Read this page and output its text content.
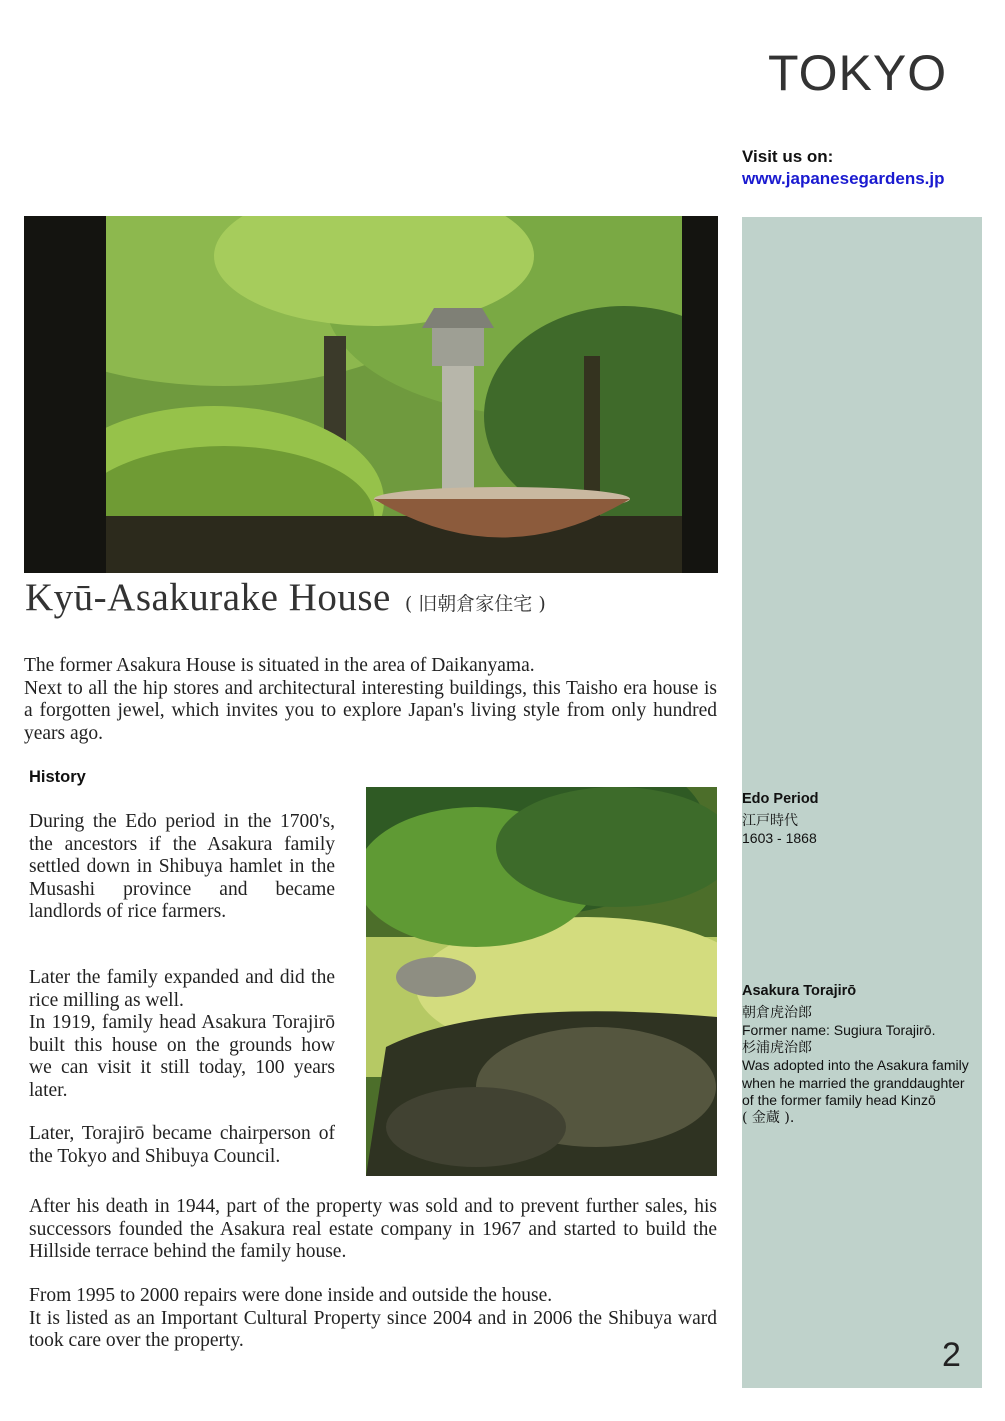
TOKYO
Visit us on:
www.japanesegardens.jp
Kyū-Asakurake House ( 旧朝倉家住宅 )
The former Asakura House is situated in the area of Daikanyama.
Next to all the hip stores and architectural interesting buildings, this Taisho era house is a forgotten jewel, which invites you to explore Japan's living style from only hundred years ago.
History
During the Edo period in the 1700's, the ancestors if the Asakura family settled down in Shibuya hamlet in the Musashi province and became landlords of rice farmers.
Later the family expanded and did the rice milling as well.
In 1919, family head Asakura Torajirō built this house on the grounds how we can visit it still today, 100 years later.
Later, Torajirō became chairperson of the Tokyo and Shibuya Council.
After his death in 1944, part of the property was sold and to prevent further sales, his successors founded the Asakura real estate company in 1967 and started to build the Hillside terrace behind the family house.
From 1995 to 2000 repairs were done inside and outside the house.
It is listed as an Important Cultural Property since 2004 and in 2006 the Shibuya ward took care over the property.
Edo Period
江戸時代
1603 - 1868
Asakura Torajirō
朝倉虎治郎
Former name: Sugiura Torajirō.
杉浦虎治郎
Was adopted into the Asakura family when he married the granddaughter of the former family head Kinzō
( 金蔵 ).
2
